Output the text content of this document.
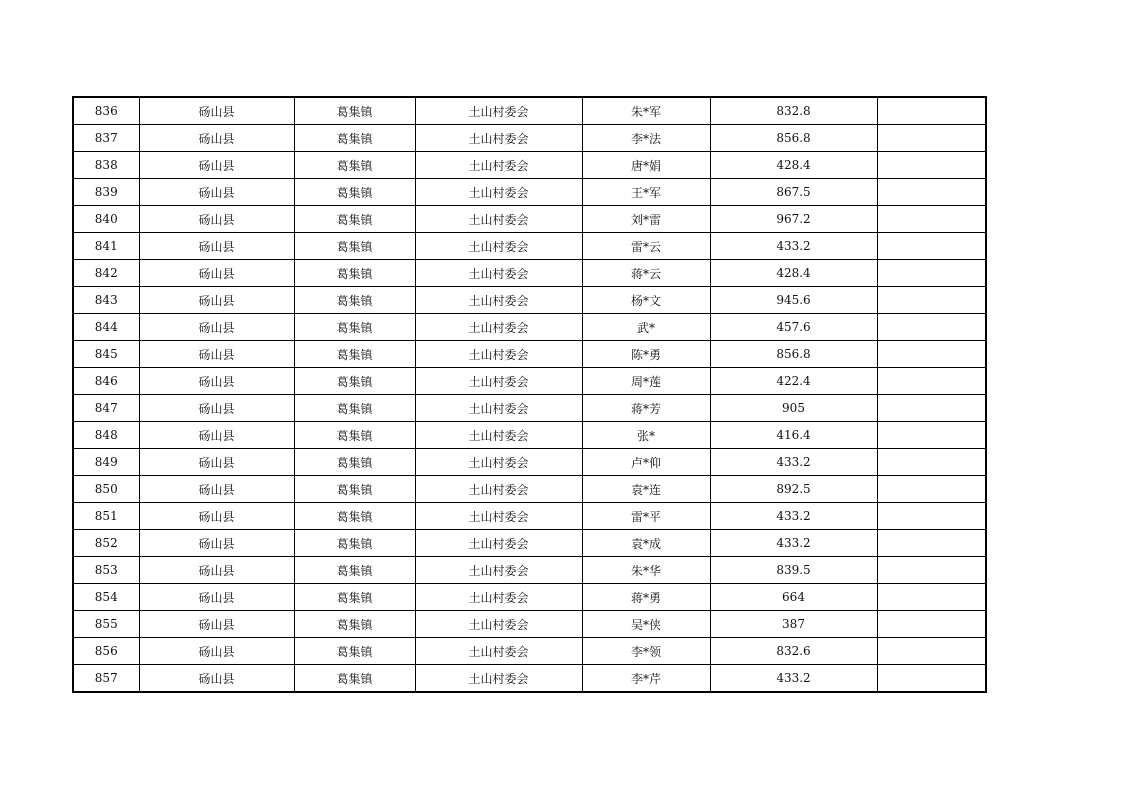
836	砀山县	葛集镇	土山村委会	朱*军	832.8	
837	砀山县	葛集镇	土山村委会	李*法	856.8	
838	砀山县	葛集镇	土山村委会	唐*娟	428.4	
839	砀山县	葛集镇	土山村委会	王*军	867.5	
840	砀山县	葛集镇	土山村委会	刘*雷	967.2	
841	砀山县	葛集镇	土山村委会	雷*云	433.2	
842	砀山县	葛集镇	土山村委会	蒋*云	428.4	
843	砀山县	葛集镇	土山村委会	杨*文	945.6	
844	砀山县	葛集镇	土山村委会	武*	457.6	
845	砀山县	葛集镇	土山村委会	陈*勇	856.8	
846	砀山县	葛集镇	土山村委会	周*莲	422.4	
847	砀山县	葛集镇	土山村委会	蒋*芳	905	
848	砀山县	葛集镇	土山村委会	张*	416.4	
849	砀山县	葛集镇	土山村委会	卢*仰	433.2	
850	砀山县	葛集镇	土山村委会	袁*连	892.5	
851	砀山县	葛集镇	土山村委会	雷*平	433.2	
852	砀山县	葛集镇	土山村委会	袁*成	433.2	
853	砀山县	葛集镇	土山村委会	朱*华	839.5	
854	砀山县	葛集镇	土山村委会	蒋*勇	664	
855	砀山县	葛集镇	土山村委会	吴*侠	387	
856	砀山县	葛集镇	土山村委会	李*领	832.6	
857	砀山县	葛集镇	土山村委会	李*芹	433.2	
